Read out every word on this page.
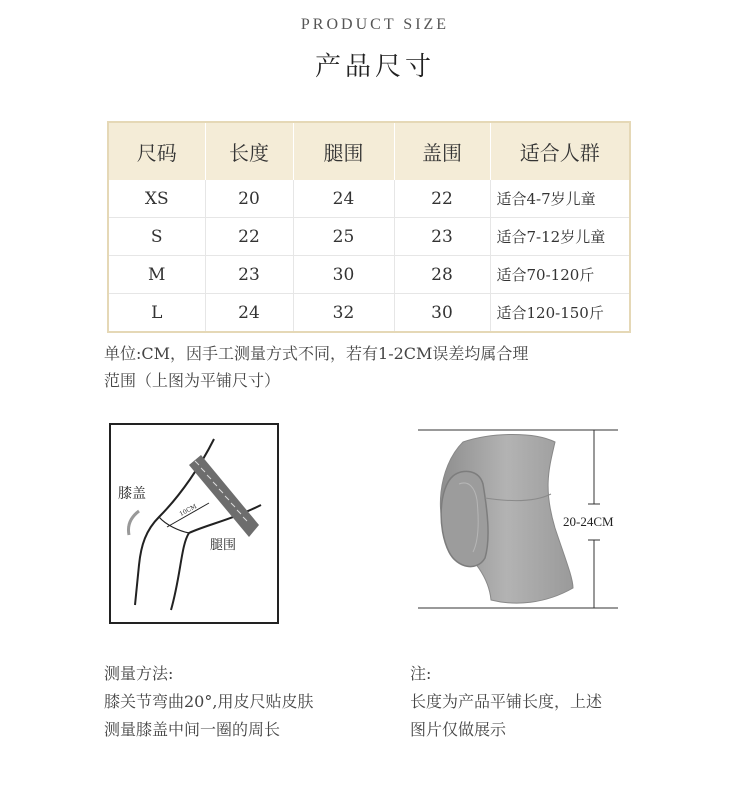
PRODUCT SIZE
产品尺寸
尺码	长度	腿围	盖围	适合人群
XS	20	24	22	适合4-7岁儿童
S	22	25	23	适合7-12岁儿童
M	23	30	28	适合70-120斤
L	24	32	30	适合120-150斤
单位:CM，因手工测量方式不同，若有1-2CM误差均属合理
范围（上图为平铺尺寸）
膝盖
腿围
10CM
20-24CM
测量方法:
膝关节弯曲20°,用皮尺贴皮肤
测量膝盖中间一圈的周长
注:
长度为产品平铺长度，上述
图片仅做展示
